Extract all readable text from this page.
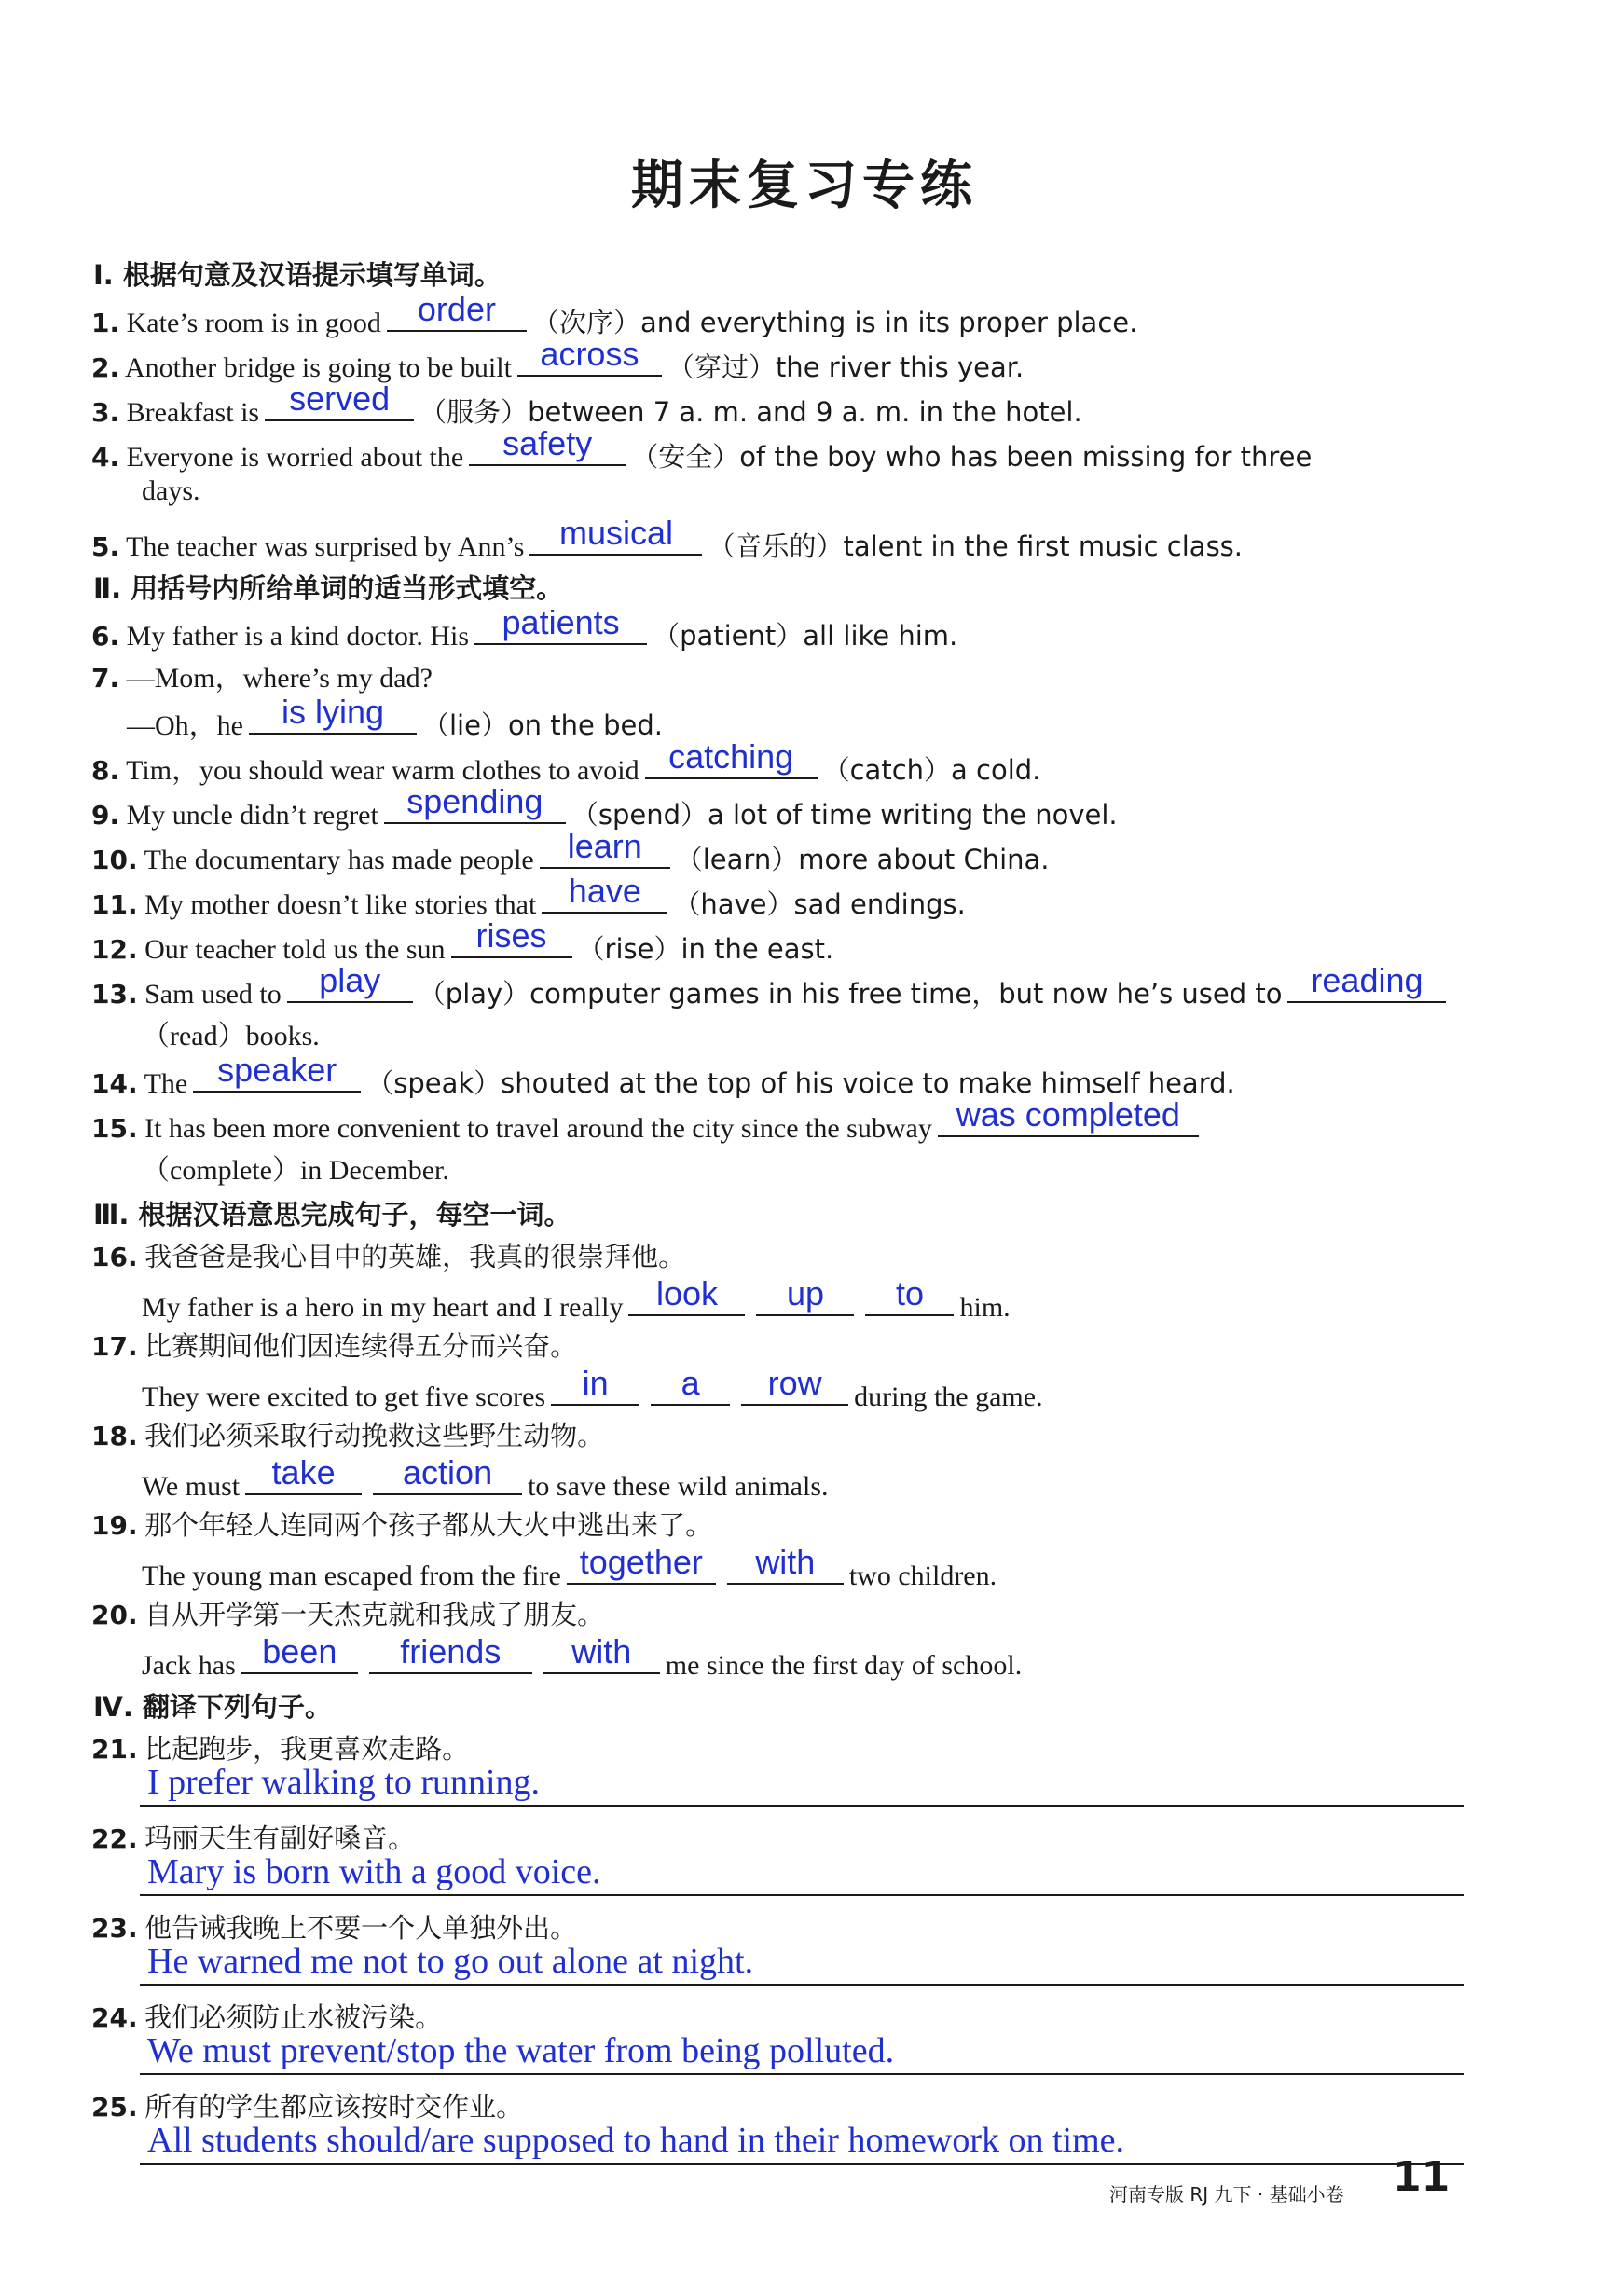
期末复习专练
Ⅰ. 根据句意及汉语提示填写单词。
1. Kate’s room is in good	order	（次序）and everything is in its proper place.
2. Another bridge is going to be built across	（穿过）the river this year.
3. Breakfast is served	（服务）between 7 a. m. and 9 a. m. in the hotel.
4. Everyone is worried about the	safety	（安全）of the boy who has been missing for three
days.
5. The teacher was surprised by Ann’s	musical	（音乐的）talent in the first music class.
Ⅱ. 用括号内所给单词的适当形式填空。
6. My father is a kind doctor. His patients	（patient）all like him.
7. —Mom，where’s my dad?
—Oh，he	is lying	（lie）on the bed.
8. Tim，you should wear warm clothes to avoid catching	（catch）a cold.
9. My uncle didn’t regret spending	（spend）a lot of time writing the novel.
10. The documentary has made people learn	（learn）more about China.
11. My mother doesn’t like stories that have	（have）sad endings.
12. Our teacher told us the sun rises	（rise）in the east.
13. Sam used to	play	（play）computer games in his free time，but now he’s used to reading
（read）books.
14. The speaker	（speak）shouted at the top of his voice to make himself heard.
15. It has been more convenient to travel around the city since the subway was completed
（complete）in December.
Ⅲ. 根据汉语意思完成句子，每空一词。
16. 我爸爸是我心目中的英雄，我真的很崇拜他。
My father is a hero in my heart and I really look	up	to	him.
17. 比赛期间他们因连续得五分而兴奋。
They were excited to get five scores	in	a	row	during the game.
18. 我们必须采取行动挽救这些野生动物。
We must take	action	to save these wild animals.
19. 那个年轻人连同两个孩子都从大火中逃出来了。
The young man escaped from the fire together	with	two children.
20. 自从开学第一天杰克就和我成了朋友。
Jack has been	friends	with	me since the first day of school.
Ⅳ. 翻译下列句子。
21. 比起跑步，我更喜欢走路。
I prefer walking to running.
22. 玛丽天生有副好嗓音。
Mary is born with a good voice.
23. 他告诫我晚上不要一个人单独外出。
He warned me not to go out alone at night.
24. 我们必须防止水被污染。
We must prevent/stop the water from being polluted.
25. 所有的学生都应该按时交作业。
All students should/are supposed to hand in their homework on time.
河南专版 RJ 九下 · 基础小卷 11
